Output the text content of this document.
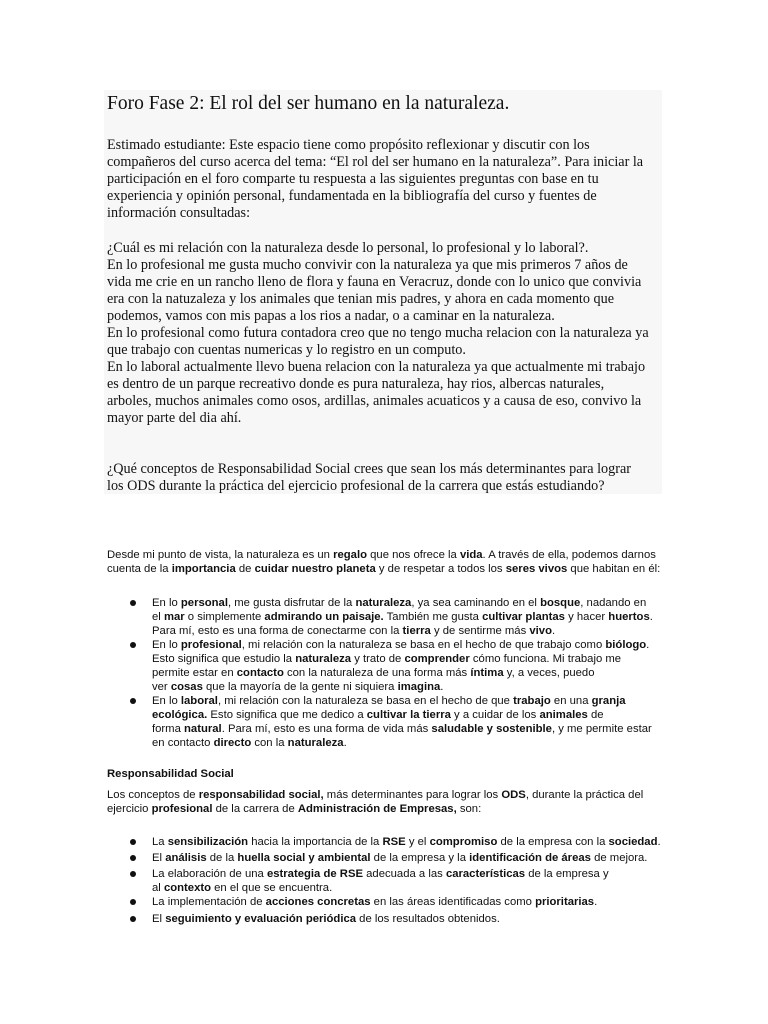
Foro Fase 2: El rol del ser humano en la naturaleza.
Estimado estudiante: Este espacio tiene como propósito reflexionar y discutir con los
compañeros del curso acerca del tema: “El rol del ser humano en la naturaleza”. Para iniciar la
participación en el foro comparte tu respuesta a las siguientes preguntas con base en tu
experiencia y opinión personal, fundamentada en la bibliografía del curso y fuentes de
información consultadas:
¿Cuál es mi relación con la naturaleza desde lo personal, lo profesional y lo laboral?.
En lo profesional me gusta mucho convivir con la naturaleza ya que mis primeros 7 años de
vida me crie en un rancho lleno de flora y fauna en Veracruz, donde con lo unico que convivia
era con la natuzaleza y los animales que tenian mis padres, y ahora en cada momento que
podemos, vamos con mis papas a los rios a nadar, o a caminar en la naturaleza.
En lo profesional como futura contadora creo que no tengo mucha relacion con la naturaleza ya
que trabajo con cuentas numericas y lo registro en un computo.
En lo laboral actualmente llevo buena relacion con la naturaleza ya que actualmente mi trabajo
es dentro de un parque recreativo donde es pura naturaleza, hay rios, albercas naturales,
arboles, muchos animales como osos, ardillas, animales acuaticos y a causa de eso, convivo la
mayor parte del dia ahí.
¿Qué conceptos de Responsabilidad Social crees que sean los más determinantes para lograr
los ODS durante la práctica del ejercicio profesional de la carrera que estás estudiando?
Desde mi punto de vista, la naturaleza es un regalo que nos ofrece la vida. A través de ella, podemos darnos
cuenta de la importancia de cuidar nuestro planeta y de respetar a todos los seres vivos que habitan en él:
En lo personal, me gusta disfrutar de la naturaleza, ya sea caminando en el bosque, nadando en
el mar o simplemente admirando un paisaje. También me gusta cultivar plantas y hacer huertos.
Para mí, esto es una forma de conectarme con la tierra y de sentirme más vivo.
En lo profesional, mi relación con la naturaleza se basa en el hecho de que trabajo como biólogo.
Esto significa que estudio la naturaleza y trato de comprender cómo funciona. Mi trabajo me
permite estar en contacto con la naturaleza de una forma más íntima y, a veces, puedo
ver cosas que la mayoría de la gente ni siquiera imagina.
En lo laboral, mi relación con la naturaleza se basa en el hecho de que trabajo en una granja
ecológica. Esto significa que me dedico a cultivar la tierra y a cuidar de los animales de
forma natural. Para mí, esto es una forma de vida más saludable y sostenible, y me permite estar
en contacto directo con la naturaleza.
Responsabilidad Social
Los conceptos de responsabilidad social, más determinantes para lograr los ODS, durante la práctica del
ejercicio profesional de la carrera de Administración de Empresas, son:
La sensibilización hacia la importancia de la RSE y el compromiso de la empresa con la sociedad.
El análisis de la huella social y ambiental de la empresa y la identificación de áreas de mejora.
La elaboración de una estrategia de RSE adecuada a las características de la empresa y
al contexto en el que se encuentra.
La implementación de acciones concretas en las áreas identificadas como prioritarias.
El seguimiento y evaluación periódica de los resultados obtenidos.
